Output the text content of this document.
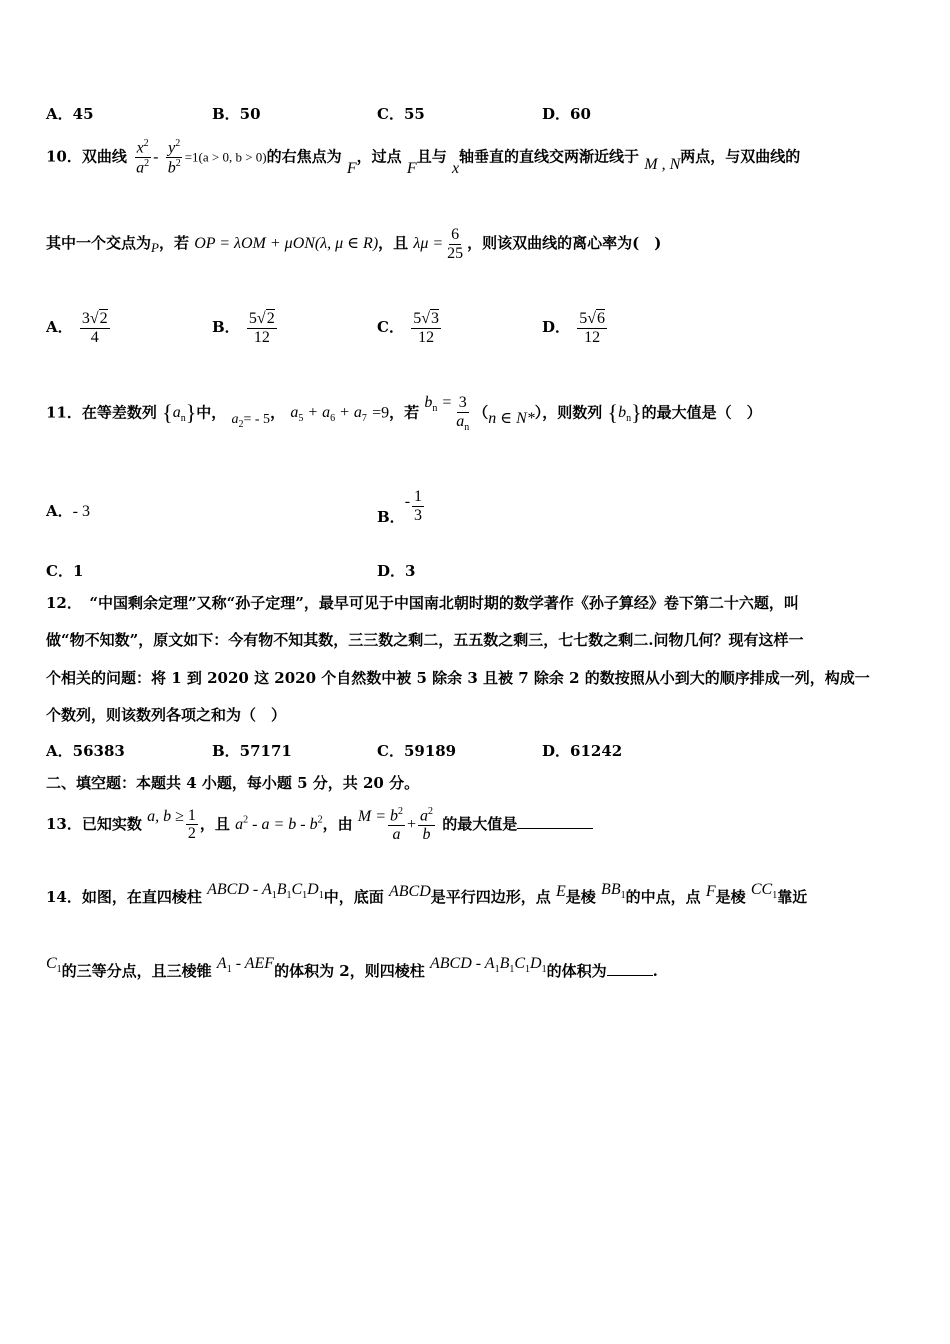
A．45	B．50	C．55	D．60
10．双曲线 $\frac{x^2}{a^2} - \frac{y^2}{b^2} =1(a > 0$, b > 0)的右焦点为 F，过点 F且与 x轴垂直的直线交两渐近线于 M , N两点，与双曲线的
其中一个交点为P，若 OP = λOM + μON(λ, μ ∈ R)，且 $\lambda\mu = \frac{6}{25}$ ，则该双曲线的离心率为(　)
A． $\frac{3√2}{4}$	B． $\frac{5√2}{12}$	C． $\frac{5√3}{12}$	D． $\frac{5√6}{12}$
11．在等差数列 $\{a_n\}$中， $a_2= - 5$， $a_5 + a_6 + a_7 =9$，若 $b_n = \frac{3}{a_n} (n$ ∈ N*），则数列 $\{b_n\}$的最大值是（　）
A．- 3	B．- $\frac{1}{3}$
C．1	D．3
12．　“中国剩余定理”又称“孙子定理”，最早可见于中国南北朝时期的数学著作《孙子算经》卷下第二十六题，叫
做“物不知数”，原文如下：今有物不知其数，三三数之剩二，五五数之剩三，七七数之剩二.问物几何？现有这样一
个相关的问题：将 1 到 2020 这 2020 个自然数中被 5 除余 3 且被 7 除余 2 的数按照从小到大的顺序排成一列，构成一
个数列，则该数列各项之和为（　）
A．56383	B．57171	C．59189	D．61242
二、填空题：本题共 4 小题，每小题 5 分，共 20 分。
13．已知实数 a, $b \ge \frac{1}{2}$ ，且 $a^2 - a = b - b^2$，由 $M = \frac{b^2}{a} + \frac{a^2}{b}$ 的最大值是
14．如图，在直四棱柱 ABCD - $A_1B_1C_1D_1$中，底面 ABCD是平行四边形，点 E是棱 $BB_1$的中点，点 F是棱 $CC_1$靠近
$C_1$的三等分点，且三棱锥 $A_1$ - AEF的体积为 2，则四棱柱 ABCD - $A_1B_1C_1D_1$的体积为	.
